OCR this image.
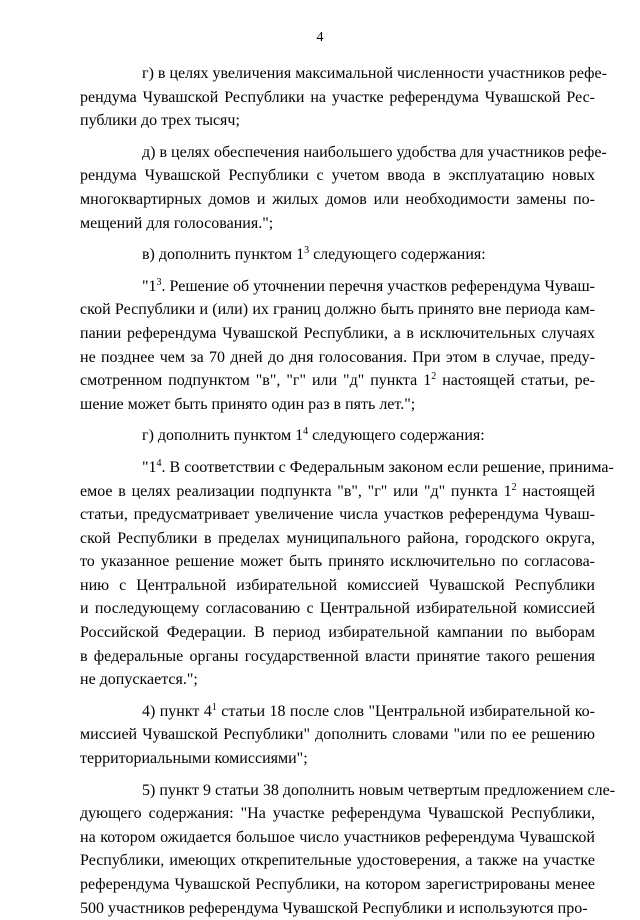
4
г) в целях увеличения максимальной численности участников рефе-
рендума Чувашской Республики на участке референдума Чувашской Рес-
публики до трех тысяч;
д) в целях обеспечения наибольшего удобства для участников рефе-
рендума Чувашской Республики с учетом ввода в эксплуатацию новых
многоквартирных домов и жилых домов или необходимости замены по-
мещений для голосования.";
в) дополнить пунктом $1^3$ следующего содержания:
"$1^3$. Решение об уточнении перечня участков референдума Чуваш-
ской Республики и (или) их границ должно быть принято вне периода кам-
пании референдума Чувашской Республики, а в исключительных случаях
не позднее чем за 70 дней до дня голосования. При этом в случае, преду-
смотренном подпунктом "в", "г" или "д" пункта $1^2$ настоящей статьи, ре-
шение может быть принято один раз в пять лет.";
г) дополнить пунктом $1^4$ следующего содержания:
"$1^4$. В соответствии с Федеральным законом если решение, принима-
емое в целях реализации подпункта "в", "г" или "д" пункта $1^2$ настоящей
статьи, предусматривает увеличение числа участков референдума Чуваш-
ской Республики в пределах муниципального района, городского округа,
то указанное решение может быть принято исключительно по согласова-
нию с Центральной избирательной комиссией Чувашской Республики
и последующему согласованию с Центральной избирательной комиссией
Российской Федерации. В период избирательной кампании по выборам
в федеральные органы государственной власти принятие такого решения
не допускается.";
4) пункт $4^1$ статьи 18 после слов "Центральной избирательной ко-
миссией Чувашской Республики" дополнить словами "или по ее решению
территориальными комиссиями";
5) пункт 9 статьи 38 дополнить новым четвертым предложением сле-
дующего содержания: "На участке референдума Чувашской Республики,
на котором ожидается большое число участников референдума Чувашской
Республики, имеющих открепительные удостоверения, а также на участке
референдума Чувашской Республики, на котором зарегистрированы менее
500 участников референдума Чувашской Республики и используются про-
